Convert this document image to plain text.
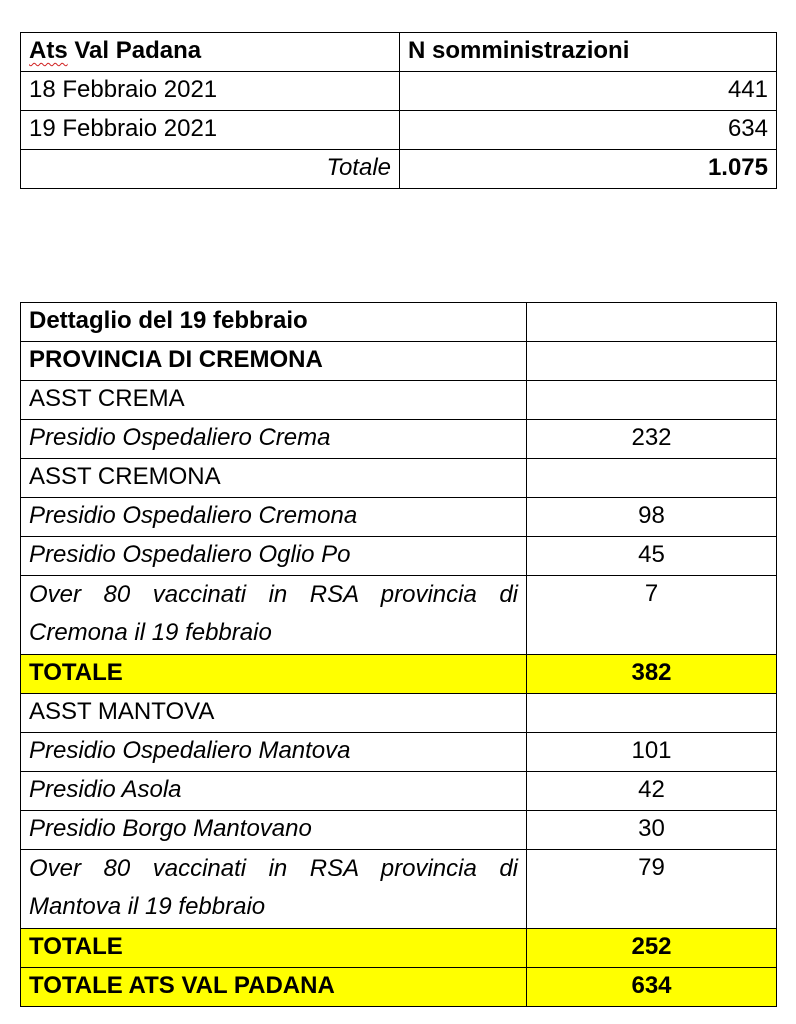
Ats Val Padana	N somministrazioni
18 Febbraio 2021	441
19 Febbraio 2021	634
Totale	1.075
Dettaglio del 19 febbraio	
PROVINCIA DI CREMONA	
ASST CREMA	
Presidio Ospedaliero Crema	232
ASST CREMONA	
Presidio Ospedaliero Cremona	98
Presidio Ospedaliero Oglio Po	45
Over 80 vaccinati in RSA provincia di Cremona il 19 febbraio	7
TOTALE	382
ASST MANTOVA	
Presidio Ospedaliero Mantova	101
Presidio Asola	42
Presidio Borgo Mantovano	30
Over 80 vaccinati in RSA provincia di Mantova il 19 febbraio	79
TOTALE	252
TOTALE ATS VAL PADANA	634
